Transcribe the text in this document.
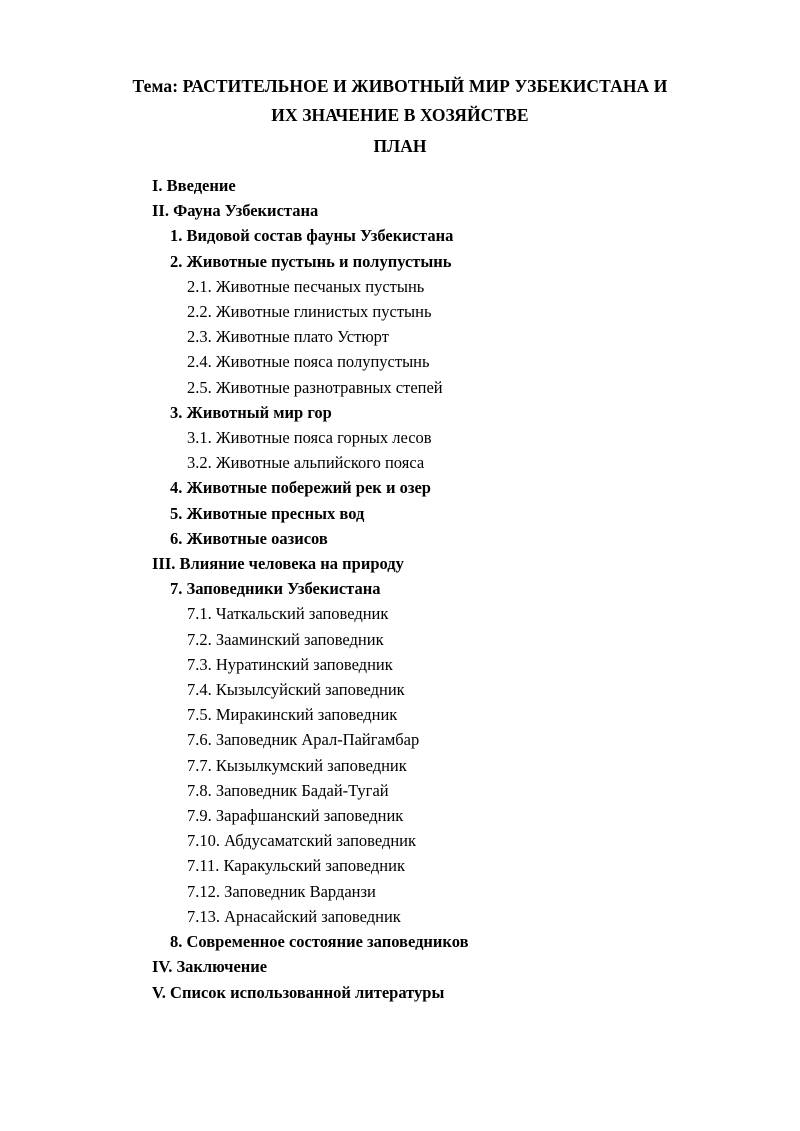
Тема: РАСТИТЕЛЬНОЕ И ЖИВОТНЫЙ МИР УЗБЕКИСТАНА И
ИХ ЗНАЧЕНИЕ В ХОЗЯЙСТВЕ
ПЛАН
I. Введение
II. Фауна Узбекистана
1. Видовой состав фауны Узбекистана
2. Животные пустынь и полупустынь
2.1. Животные песчаных пустынь
2.2. Животные глинистых пустынь
2.3. Животные плато Устюрт
2.4. Животные пояса полупустынь
2.5. Животные разнотравных степей
3. Животный мир гор
3.1. Животные пояса горных лесов
3.2. Животные альпийского пояса
4. Животные побережий рек и озер
5. Животные пресных вод
6. Животные оазисов
III. Влияние человека на природу
7. Заповедники Узбекистана
7.1. Чаткальский заповедник
7.2. Зааминский заповедник
7.3. Нуратинский заповедник
7.4. Кызылсуйский заповедник
7.5. Миракинский заповедник
7.6. Заповедник Арал-Пайгамбар
7.7. Кызылкумский заповедник
7.8. Заповедник Бадай-Тугай
7.9. Зарафшанский заповедник
7.10. Абдусаматский заповедник
7.11. Каракульский заповедник
7.12. Заповедник Варданзи
7.13. Арнасайский заповедник
8. Современное состояние заповедников
IV. Заключение
V. Список использованной литературы
